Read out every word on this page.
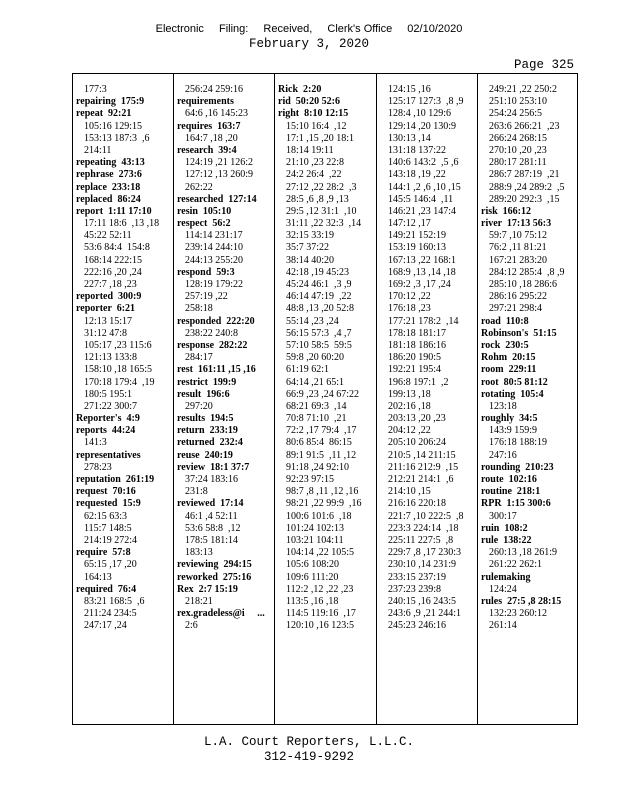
Electronic Filing: Received, Clerk's Office 02/10/2020
February 3, 2020
Page 325
177:3
repairing  175:9
repeat  92:21
105:16 129:15
153:13 187:3  ,6
214:11
repeating  43:13
rephrase  273:6
replace  233:18
replaced  86:24
report  1:11 17:10
17:11 18:6  ,13 ,18
45:22 52:11
53:6 84:4  154:8
168:14 222:15
222:16 ,20 ,24
227:7 ,18 ,23
reported  300:9
reporter  6:21
12:13 15:17
31:12 47:8
105:17 ,23 115:6
121:13 133:8
158:10 ,18 165:5
170:18 179:4  ,19
180:5 195:1
271:22 300:7
Reporter's  4:9
reports  44:24
141:3
representatives
278:23
reputation  261:19
request  70:16
requested  15:9
62:15 63:3
115:7 148:5
214:19 272:4
require  57:8
65:15 ,17 ,20
164:13
required  76:4
83:21 168:5  ,6
211:24 234:5
247:17 ,24
256:24 259:16
requirements
64:6 ,16 145:23
requires  163:7
164:7 ,18 ,20
research  39:4
124:19 ,21 126:2
127:12 ,13 260:9
262:22
researched  127:14
resin  105:10
respect  56:2
114:14 231:17
239:14 244:10
244:13 255:20
respond  59:3
128:19 179:22
257:19 ,22
258:18
responded  222:20
238:22 240:8
response  282:22
284:17
rest  161:11 ,15 ,16
restrict  199:9
result  196:6
297:20
results  194:5
return  233:19
returned  232:4
reuse  240:19
review  18:1 37:7
37:24 183:16
231:8
reviewed  17:14
46:1 ,4 52:11
53:6 58:8  ,12
178:5 181:14
183:13
reviewing  294:15
reworked  275:16
Rex  2:7 15:19
218:21
rex.gradeless@i     ...
2:6
Rick  2:20
rid  50:20 52:6
right  8:10 12:15
15:10 16:4  ,12
17:1 ,15 ,20 18:1
18:14 19:11
21:10 ,23 22:8
24:2 26:4  ,22
27:12 ,22 28:2  ,3
28:5 ,6 ,8 ,9 ,13
29:5 ,12 31:1  ,10
31:11 ,22 32:3  ,14
32:15 33:19
35:7 37:22
38:14 40:20
42:18 ,19 45:23
45:24 46:1  ,3 ,9
46:14 47:19  ,22
48:8 ,13 ,20 52:8
55:14 ,23 ,24
56:15 57:3  ,4 ,7
57:10 58:5  59:5
59:8 ,20 60:20
61:19 62:1
64:14 ,21 65:1
66:9 ,23 ,24 67:22
68:21 69:3  ,14
70:8 71:10  ,21
72:2 ,17 79:4  ,17
80:6 85:4  86:15
89:1 91:5  ,11 ,12
91:18 ,24 92:10
92:23 97:15
98:7 ,8 ,11 ,12 ,16
98:21 ,22 99:9  ,16
100:6 101:6  ,18
101:24 102:13
103:21 104:11
104:14 ,22 105:5
105:6 108:20
109:6 111:20
112:2 ,12 ,22 ,23
113:5 ,16 ,18
114:5 119:16  ,17
120:10 ,16 123:5
124:15 ,16
125:17 127:3  ,8 ,9
128:4 ,10 129:6
129:14 ,20 130:9
130:13 ,14
131:18 137:22
140:6 143:2  ,5 ,6
143:18 ,19 ,22
144:1 ,2 ,6 ,10 ,15
145:5 146:4  ,11
146:21 ,23 147:4
147:12 ,17
149:21 152:19
153:19 160:13
167:13 ,22 168:1
168:9 ,13 ,14 ,18
169:2 ,3 ,17 ,24
170:12 ,22
176:18 ,23
177:21 178:2  ,14
178:18 181:17
181:18 186:16
186:20 190:5
192:21 195:4
196:8 197:1  ,2
199:13 ,18
202:16 ,18
203:13 ,20 ,23
204:12 ,22
205:10 206:24
210:5 ,14 211:15
211:16 212:9  ,15
212:21 214:1  ,6
214:10 ,15
216:16 220:18
221:7 ,10 222:5  ,8
223:3 224:14  ,18
225:11 227:5  ,8
229:7 ,8 ,17 230:3
230:10 ,14 231:9
233:15 237:19
237:23 239:8
240:15 ,16 243:5
243:6 ,9 ,21 244:1
245:23 246:16
249:21 ,22 250:2
251:10 253:10
254:24 256:5
263:6 266:21  ,23
266:24 268:15
270:10 ,20 ,23
280:17 281:11
286:7 287:19  ,21
288:9 ,24 289:2  ,5
289:20 292:3  ,15
risk  166:12
river  17:13 56:3
59:7 ,10 75:12
76:2 ,11 81:21
167:21 283:20
284:12 285:4  ,8 ,9
285:10 ,18 286:6
286:16 295:22
297:21 298:4
road  110:8
Robinson's  51:15
rock  230:5
Rohm  20:15
room  229:11
root  80:5 81:12
rotating  105:4
123:18
roughly  34:5
143:9 159:9
176:18 188:19
247:16
rounding  210:23
route  102:16
routine  218:1
RPR  1:15 300:6
300:17
ruin  108:2
rule  138:22
260:13 ,18 261:9
261:22 262:1
rulemaking
124:24
rules  27:5 ,8 28:15
132:23 260:12
261:14
L.A. Court Reporters, L.L.C.
312-419-9292
